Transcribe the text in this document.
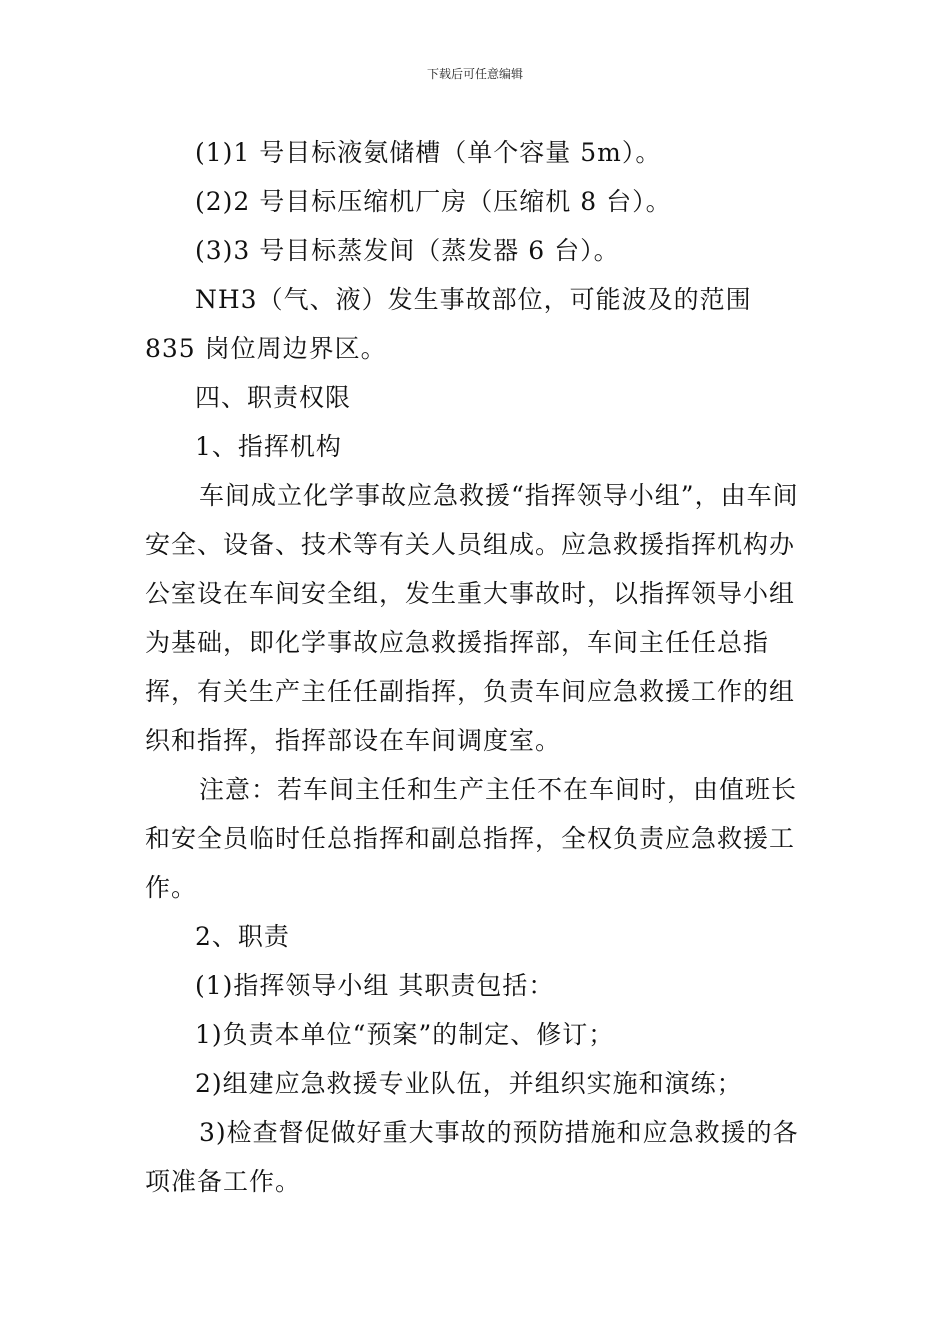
下载后可任意编辑

(1)1 号目标液氨储槽（单个容量 5m）。

(2)2 号目标压缩机厂房（压缩机 8 台）。

(3)3 号目标蒸发间（蒸发器 6 台）。

NH3（气、液）发生事故部位，可能波及的范围 835 岗位周边界区。

四、职责权限

1、指挥机构

车间成立化学事故应急救援“指挥领导小组”，由车间安全、设备、技术等有关人员组成。应急救援指挥机构办公室设在车间安全组，发生重大事故时，以指挥领导小组为基础，即化学事故应急救援指挥部，车间主任任总指挥，有关生产主任任副指挥，负责车间应急救援工作的组织和指挥，指挥部设在车间调度室。

注意：若车间主任和生产主任不在车间时，由值班长和安全员临时任总指挥和副总指挥，全权负责应急救援工作。

2、职责

(1)指挥领导小组 其职责包括：

1)负责本单位“预案”的制定、修订；

2)组建应急救援专业队伍，并组织实施和演练；

3)检查督促做好重大事故的预防措施和应急救援的各项准备工作。
